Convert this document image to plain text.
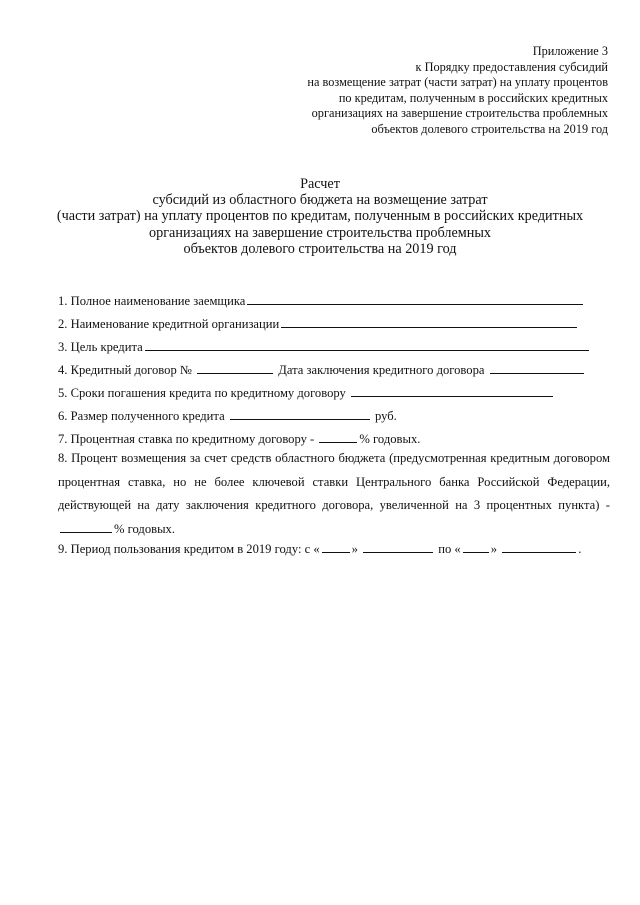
Приложение 3
к Порядку предоставления субсидий
на возмещение затрат (части затрат) на уплату процентов
по кредитам, полученным в российских кредитных
организациях на завершение строительства проблемных
объектов долевого строительства на 2019 год
Расчет
субсидий из областного бюджета на возмещение затрат
(части затрат) на уплату процентов по кредитам, полученным в российских кредитных
организациях на завершение строительства проблемных
объектов долевого строительства на 2019 год
1. Полное наименование заемщика
2. Наименование кредитной организации
3. Цель кредита
4. Кредитный договор №	Дата заключения кредитного договора
5. Сроки погашения кредита по кредитному договору
6. Размер полученного кредита	руб.
7. Процентная ставка по кредитному договору -	% годовых.
8. Процент возмещения за счет средств областного бюджета (предусмотренная кредитным договором процентная ставка, но не более ключевой ставки Центрального банка Российской Федерации, действующей на дату заключения кредитного договора, увеличенной на 3 процентных пункта) - % годовых.
9. Период пользования кредитом в 2019 году: с «	»	по « »	.
